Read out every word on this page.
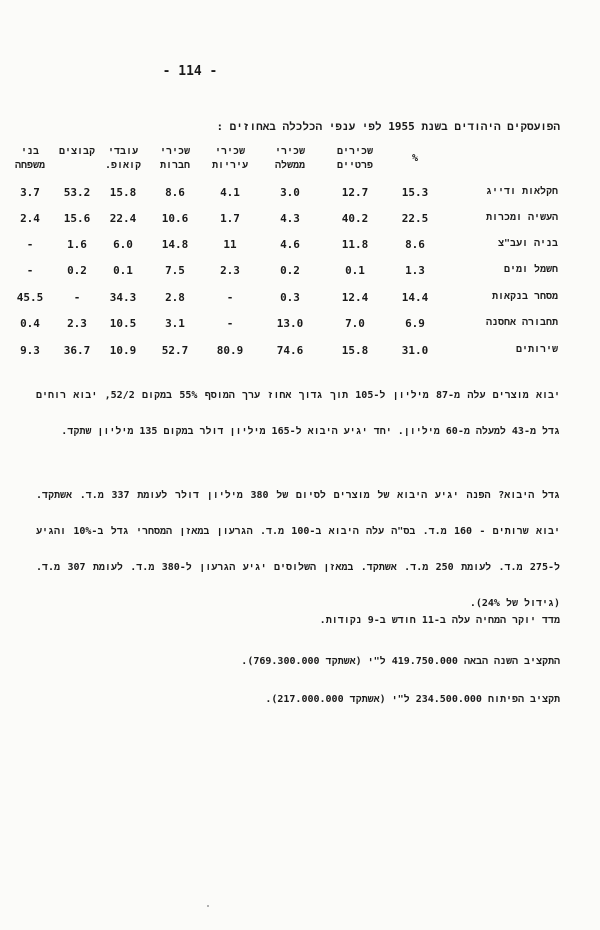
- 114 -
הפועסקים היהודים בשנת 1955 לפי ענפי הכלכלה באחוזים :
%
שכירים פרטיים
שכירי ממשלה
שכירי עיריות
שכירי חברות
עובדי קואופ.
קבוצים
בני משפחה
חקלאות ודייג
15.3
12.7
3.0
4.1
8.6
15.8
53.2
3.7
העשיה ומכרות
22.5
40.2
4.3
1.7
10.6
22.4
15.6
2.4
בניה ועב"צ
8.6
11.8
4.6
11
14.8
6.0
1.6
-
חשמל ומים
1.3
0.1
0.2
2.3
7.5
0.1
0.2
-
מסחר בנקאות
14.4
12.4
0.3
-
2.8
34.3
-
45.5
תחבורה אחסנה
6.9
7.0
13.0
-
3.1
10.5
2.3
0.4
שירותים
31.0
15.8
74.6
80.9
52.7
10.9
36.7
9.3
יבוא מוצרים עלה מ-87 מיליון ל-105 תוך גדוך אחוז ערך המוסף 55% במקום 52/2, יבוא רוחים גדל מ-43 למעלה מ-60 מיליון. יחד יגיע היבוא ל-165 מיליון דולר במקום 135 מיליון שתקד.
גדל היבוא? הפנה יגיע היבוא של מוצרים לסיום של 380 מיליון דולר לעומת 337 מ.ד. אשתקד. יבוא שרותים - 160 מ.ד. בס"ה עלה היבוא ב-100 מ.ד. הגרעון במאזן המסחרי גדל ב-10% והגיע ל-275 מ.ד. לעומת 250 מ.ד. אשתקד. במאזן השלוסים יגיע הגרעון ל-380 מ.ד. לעומת 307 מ.ד. (גידול של 24%).
מדד יוקר המחיה עלה ב-11 חודש ב-9 נקודות.
התקציב השנה הבאה 419.750.000 ל"י (אשתקד 769.300.000).
תקציב הפיתוח 234.500.000 ל"י (אשתקד 217.000.000).
